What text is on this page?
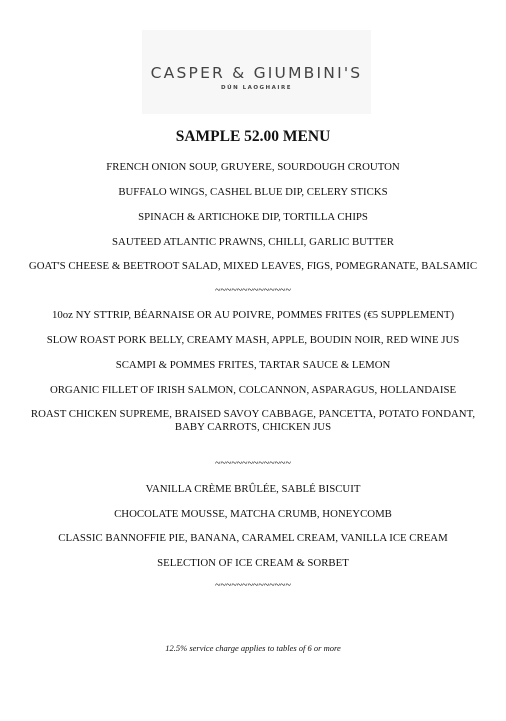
CASPER & GIUMBINI'S
DÚN LAOGHAIRE
SAMPLE 52.00 MENU
FRENCH ONION SOUP, GRUYERE, SOURDOUGH CROUTON
BUFFALO WINGS, CASHEL BLUE DIP, CELERY STICKS
SPINACH & ARTICHOKE DIP, TORTILLA CHIPS
SAUTEED ATLANTIC PRAWNS, CHILLI, GARLIC BUTTER
GOAT'S CHEESE & BEETROOT SALAD, MIXED LEAVES, FIGS, POMEGRANATE, BALSAMIC
~~~~~~~~~~~~~~
10oz NY STTRIP, BÉARNAISE OR AU POIVRE, POMMES FRITES (€5 SUPPLEMENT)
SLOW ROAST PORK BELLY, CREAMY MASH, APPLE, BOUDIN NOIR, RED WINE JUS
SCAMPI & POMMES FRITES, TARTAR SAUCE & LEMON
ORGANIC FILLET OF IRISH SALMON, COLCANNON, ASPARAGUS, HOLLANDAISE
ROAST CHICKEN SUPREME, BRAISED SAVOY CABBAGE, PANCETTA, POTATO FONDANT,
BABY CARROTS, CHICKEN JUS
~~~~~~~~~~~~~~
VANILLA CRÈME BRÛLÉE, SABLÉ BISCUIT
CHOCOLATE MOUSSE, MATCHA CRUMB, HONEYCOMB
CLASSIC BANNOFFIE PIE, BANANA, CARAMEL CREAM, VANILLA ICE CREAM
SELECTION OF ICE CREAM & SORBET
~~~~~~~~~~~~~~
12.5% service charge applies to tables of 6 or more
